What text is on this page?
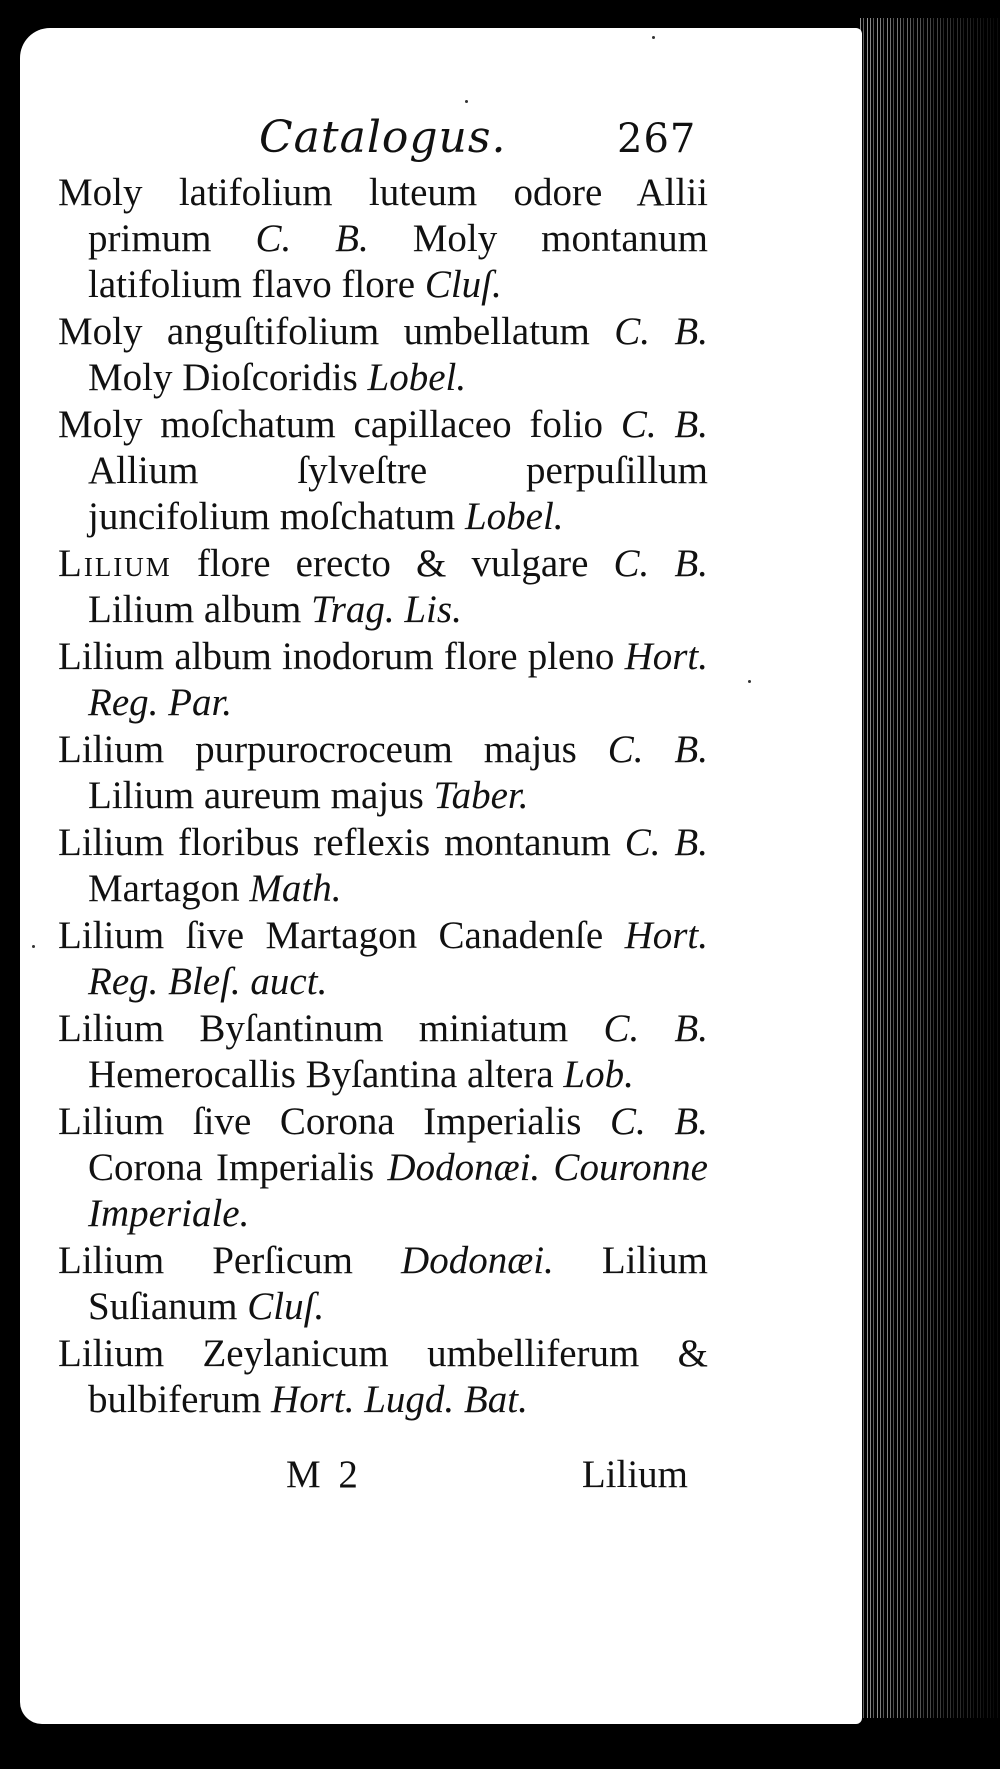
Catalogus.	267
Moly latifolium luteum odore Allii primum C. B. Moly montanum latifolium flavo flore Cluſ.
Moly anguſtifolium umbellatum C. B. Moly Dioſcoridis Lobel.
Moly moſchatum capillaceo folio C. B. Allium ſylveſtre perpuſillum juncifolium moſchatum Lobel.
Lilium flore erecto & vulgare C. B. Lilium album Trag. Lis.
Lilium album inodorum flore pleno Hort. Reg. Par.
Lilium purpurocroceum majus C. B. Lilium aureum majus Taber.
Lilium floribus reflexis montanum C. B. Martagon Math.
Lilium ſive Martagon Canadenſe Hort. Reg. Bleſ. auct.
Lilium Byſantinum miniatum C. B. Hemerocallis Byſantina altera Lob.
Lilium ſive Corona Imperialis C. B. Corona Imperialis Dodonæi. Couronne Imperiale.
Lilium Perſicum Dodonæi. Lilium Suſianum Cluſ.
Lilium Zeylanicum umbelliferum & bulbiferum Hort. Lugd. Bat.
M 2	Lilium
